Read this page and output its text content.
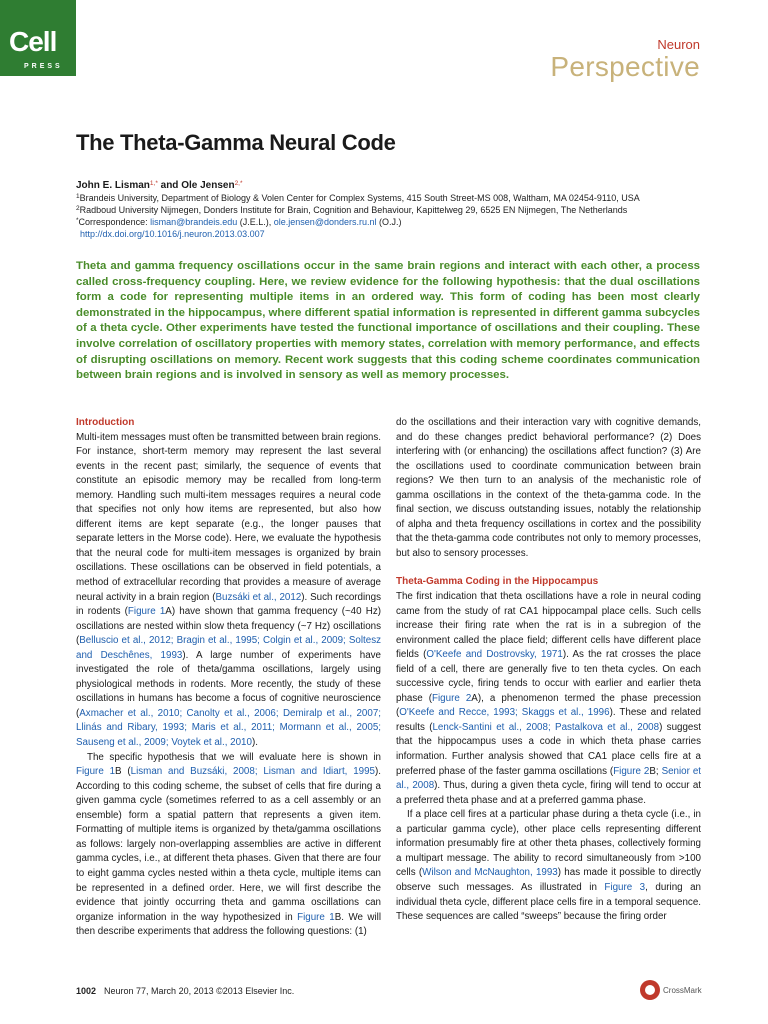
Cell
PRESS
Neuron
Perspective
The Theta-Gamma Neural Code
John E. Lisman$^{1,*}$ and Ole Jensen$^{2,*}$
$^1$Brandeis University, Department of Biology & Volen Center for Complex Systems, 415 South Street-MS 008, Waltham, MA 02454-9110, USA
$^2$Radboud University Nijmegen, Donders Institute for Brain, Cognition and Behaviour, Kapittelweg 29, 6525 EN Nijmegen, The Netherlands
*Correspondence: lisman@brandeis.edu (J.E.L.), ole.jensen@donders.ru.nl (O.J.)
http://dx.doi.org/10.1016/j.neuron.2013.03.007

Theta and gamma frequency oscillations occur in the same brain regions and interact with each other, a process called cross-frequency coupling. Here, we review evidence for the following hypothesis: that the dual oscillations form a code for representing multiple items in an ordered way. This form of coding has been most clearly demonstrated in the hippocampus, where different spatial information is represented in different gamma subcycles of a theta cycle. Other experiments have tested the functional importance of oscillations and their coupling. These involve correlation of oscillatory properties with memory states, correlation with memory performance, and effects of disrupting oscillations on memory. Recent work suggests that this coding scheme coordinates communication between brain regions and is involved in sensory as well as memory processes.

Introduction

Multi-item messages must often be transmitted between brain regions. For instance, short-term memory may represent the last several events in the recent past; similarly, the sequence of events that constitute an episodic memory may be recalled from long-term memory. Handling such multi-item messages requires a neural code that specifies not only how items are represented, but also how different items are kept separate (e.g., the longer pauses that separate letters in the Morse code). Here, we evaluate the hypothesis that the neural code for multi-item messages is organized by brain oscillations. These oscillations can be observed in field potentials, a method of extracellular recording that provides a measure of average neural activity in a brain region (Buzsáki et al., 2012). Such recordings in rodents (Figure 1A) have shown that gamma frequency (~40 Hz) oscillations are nested within slow theta frequency (~7 Hz) oscillations (Belluscio et al., 2012; Bragin et al., 1995; Colgin et al., 2009; Soltesz and Deschênes, 1993). A large number of experiments have investigated the role of theta/gamma oscillations, largely using physiological methods in rodents. More recently, the study of these oscillations in humans has become a focus of cognitive neuroscience (Axmacher et al., 2010; Canolty et al., 2006; Demiralp et al., 2007; Llinás and Ribary, 1993; Maris et al., 2011; Mormann et al., 2005; Sauseng et al., 2009; Voytek et al., 2010).

The specific hypothesis that we will evaluate here is shown in Figure 1B (Lisman and Buzsáki, 2008; Lisman and Idiart, 1995). According to this coding scheme, the subset of cells that fire during a given gamma cycle (sometimes referred to as a cell assembly or an ensemble) form a spatial pattern that represents a given item. Formatting of multiple items is organized by theta/gamma oscillations as follows: largely non-overlapping assemblies are active in different gamma cycles, i.e., at different theta phases. Given that there are four to eight gamma cycles nested within a theta cycle, multiple items can be represented in a defined order. Here, we will first describe the evidence that jointly occurring theta and gamma oscillations can organize information in the way hypothesized in Figure 1B. We will then describe experiments that address the following questions: (1)

do the oscillations and their interaction vary with cognitive demands, and do these changes predict behavioral performance? (2) Does interfering with (or enhancing) the oscillations affect function? (3) Are the oscillations used to coordinate communication between brain regions? We then turn to an analysis of the mechanistic role of gamma oscillations in the context of the theta-gamma code. In the final section, we discuss outstanding issues, notably the relationship of alpha and theta frequency oscillations in cortex and the possibility that the theta-gamma code contributes not only to memory processes, but also to sensory processes.

Theta-Gamma Coding in the Hippocampus

The first indication that theta oscillations have a role in neural coding came from the study of rat CA1 hippocampal place cells. Such cells increase their firing rate when the rat is in a subregion of the environment called the place field; different cells have different place fields (O'Keefe and Dostrovsky, 1971). As the rat crosses the place field of a cell, there are generally five to ten theta cycles. On each successive cycle, firing tends to occur with earlier and earlier theta phase (Figure 2A), a phenomenon termed the phase precession (O'Keefe and Recce, 1993; Skaggs et al., 1996). These and related results (Lenck-Santini et al., 2008; Pastalkova et al., 2008) suggest that the hippocampus uses a code in which theta phase carries information. Further analysis showed that CA1 place cells fire at a preferred phase of the faster gamma oscillations (Figure 2B; Senior et al., 2008). Thus, during a given theta cycle, firing will tend to occur at a preferred theta phase and at a preferred gamma phase.

If a place cell fires at a particular phase during a theta cycle (i.e., in a particular gamma cycle), other place cells representing different information presumably fire at other theta phases, collectively forming a multipart message. The ability to record simultaneously from >100 cells (Wilson and McNaughton, 1993) has made it possible to directly observe such messages. As illustrated in Figure 3, during an individual theta cycle, different place cells fire in a temporal sequence. These sequences are called “sweeps” because the firing order

1002 Neuron 77, March 20, 2013 ©2013 Elsevier Inc.	CrossMark
